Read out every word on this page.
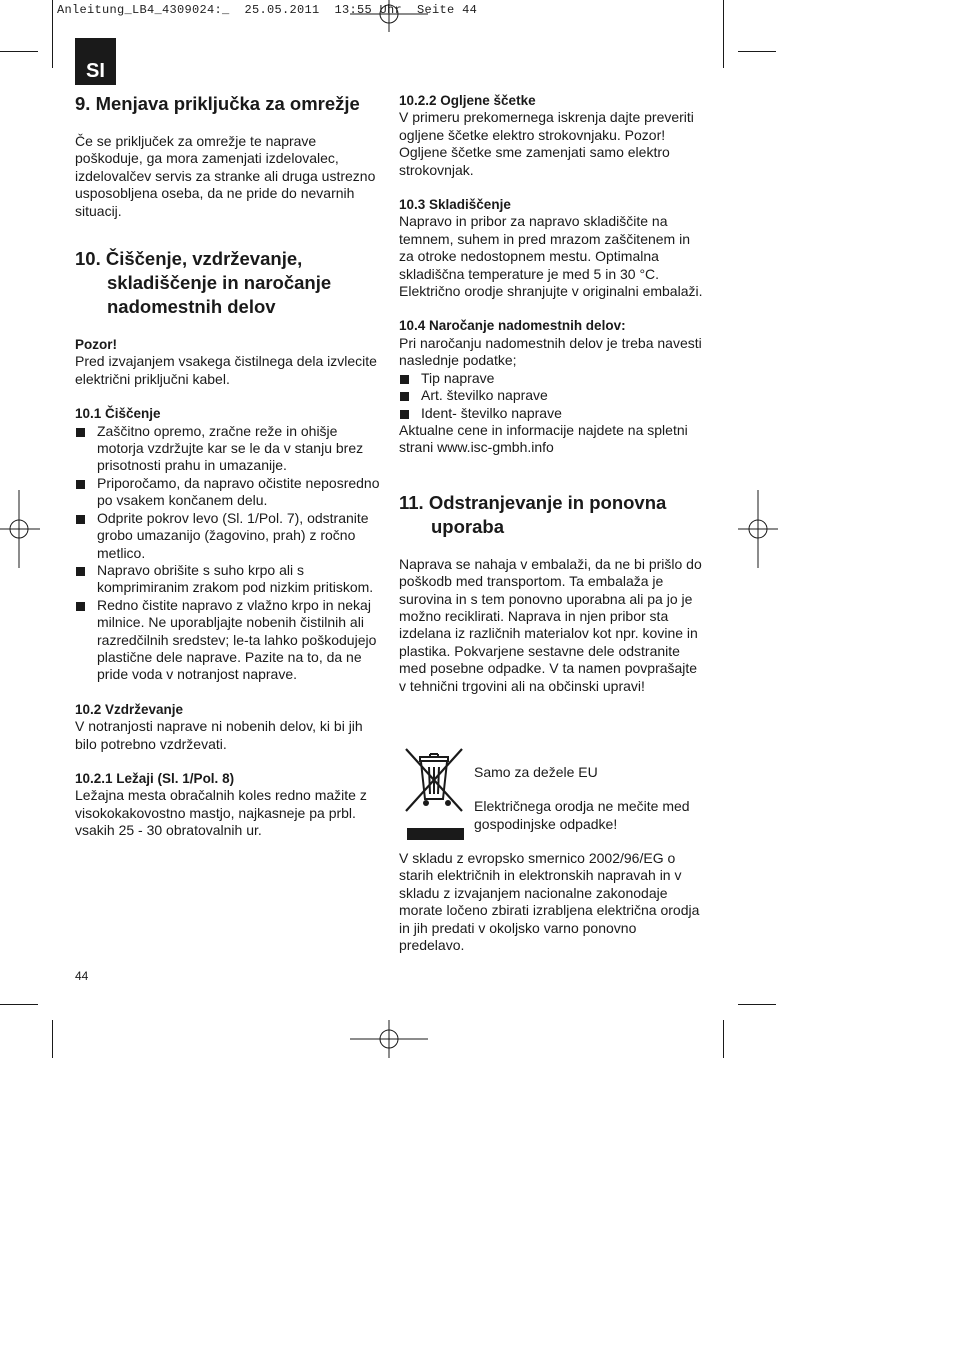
Anleitung_LB4_4309024:_  25.05.2011  13:55 Uhr  Seite 44
SI
9. Menjava priključka za omrežje

Če se priključek za omrežje te naprave poškoduje, ga mora zamenjati izdelovalec, izdelovalčev servis za stranke ali druga ustrezno usposobljena oseba, da ne pride do nevarnih situacij.

10. Čiščenje, vzdrževanje, skladiščenje in naročanje nadomestnih delov
Pozor!

Pred izvajanjem vsakega čistilnega dela izvlecite električni priključni kabel.

10.1 Čiščenje
Zaščitno opremo, zračne reže in ohišje motorja vzdržujte kar se le da v stanju brez prisotnosti prahu in umazanije.
Priporočamo, da napravo očistite neposredno po vsakem končanem delu.
Odprite pokrov levo (Sl. 1/Pol. 7), odstranite grobo umazanijo (žagovino, prah) z ročno metlico.
Napravo obrišite s suho krpo ali s komprimiranim zrakom pod nizkim pritiskom.
Redno čistite napravo z vlažno krpo in nekaj milnice. Ne uporabljajte nobenih čistilnih ali razredčilnih sredstev; le-ta lahko poškodujejo plastične dele naprave. Pazite na to, da ne pride voda v notranjost naprave.
10.2 Vzdrževanje

V notranjosti naprave ni nobenih delov, ki bi jih bilo potrebno vzdrževati.

10.2.1 Ležaji (Sl. 1/Pol. 8)

Ležajna mesta obračalnih koles redno mažite z visokokakovostno mastjo, najkasneje pa prbl. vsakih 25 - 30 obratovalnih ur.

10.2.2 Ogljene ščetke

V primeru prekomernega iskrenja dajte preveriti ogljene ščetke elektro strokovnjaku. Pozor! Ogljene ščetke sme zamenjati samo elektro strokovnjak.

10.3 Skladiščenje

Napravo in pribor za napravo skladiščite na temnem, suhem in pred mrazom zaščitenem in za otroke nedostopnem mestu. Optimalna skladiščna temperature je med 5 in 30 °C. Električno orodje shranjujte v originalni embalaži.

10.4 Naročanje nadomestnih delov:

Pri naročanju nadomestnih delov je treba navesti naslednje podatke;

Tip naprave
Art. številko naprave
Ident- številko naprave

Aktualne cene in informacije najdete na spletni strani www.isc-gmbh.info

11. Odstranjevanje in ponovna uporaba

Naprava se nahaja v embalaži, da ne bi prišlo do poškodb med transportom. Ta embalaža je surovina in s tem ponovno uporabna ali pa jo je možno reciklirati. Naprava in njen pribor sta izdelana iz različnih materialov kot npr. kovine in plastika. Pokvarjene sestavne dele odstranite med posebne odpadke. V ta namen povprašajte v tehnični trgovini ali na občinski upravi!

Samo za dežele EU

Električnega orodja ne mečite med gospodinjske odpadke!

V skladu z evropsko smernico 2002/96/EG o starih električnih in elektronskih napravah in v skladu z izvajanjem nacionalne zakonodaje morate ločeno zbirati izrabljena električna orodja in jih predati v okoljsko varno ponovno predelavo.

44
